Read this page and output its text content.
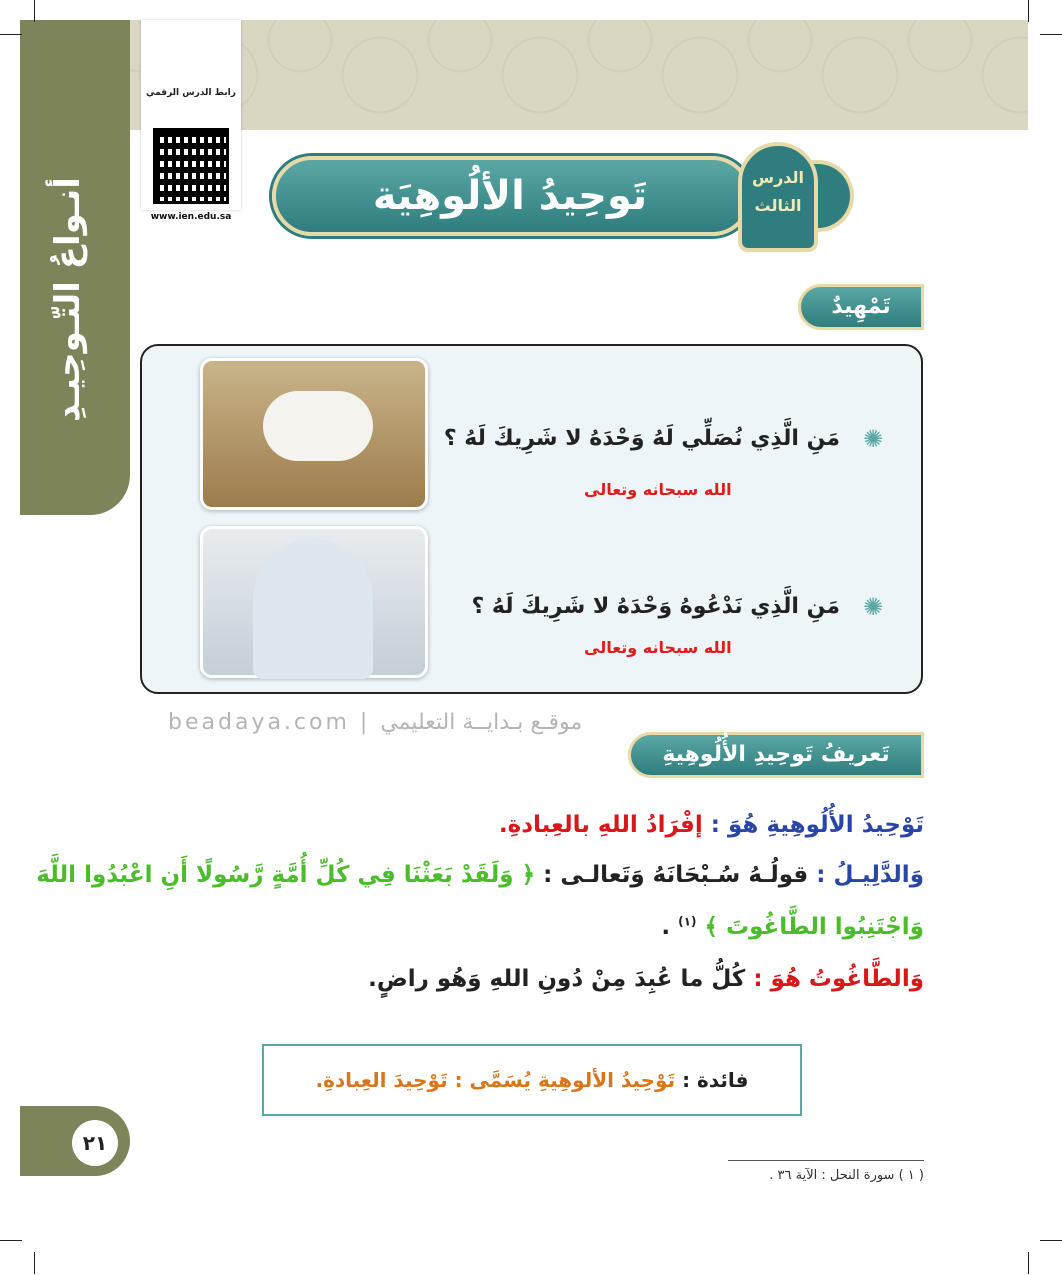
أنـواعُ التّـوحِيـدِ
رابط الدرس الرقمي
www.ien.edu.sa	تَوحِيدُ الألُوهِيَة	الدرس
الثالث
تَمْهِيدٌ
✺
مَنِ الَّذِي نُصَلِّي لَهُ وَحْدَهُ لا شَرِيكَ لَهُ ؟
الله سبحانه وتعالى
✺
مَنِ الَّذِي نَدْعُوهُ وَحْدَهُ لا شَرِيكَ لَهُ ؟
الله سبحانه وتعالى
beadaya.com | موقـع بـدايــة التعليمي
تَعريفُ تَوحِيدِ الأُلُوهِيةِ
تَوْحِيدُ الأُلُوهِيةِ هُوَ : إفْرَادُ اللهِ بالعِبادةِ.
وَالدَّلِيـلُ : قولُـهُ سُـبْحَانَهُ وَتَعالـى : ﴿ وَلَقَدْ بَعَثْنَا فِي كُلِّ أُمَّةٍ رَّسُولًا أَنِ اعْبُدُوا اللَّهَ
وَاجْتَنِبُوا الطَّاغُوتَ ﴾ $^{(١)}$ .
وَالطَّاغُوتُ هُوَ : كُلُّ ما عُبِدَ مِنْ دُونِ اللهِ وَهُو راضٍ.
فائدة : تَوْحِيدُ الألوهِيةِ يُسَمَّى : تَوْحِيدَ العِبادةِ.
٢١
( ١ ) سورة النحل : الآية ٣٦ .
